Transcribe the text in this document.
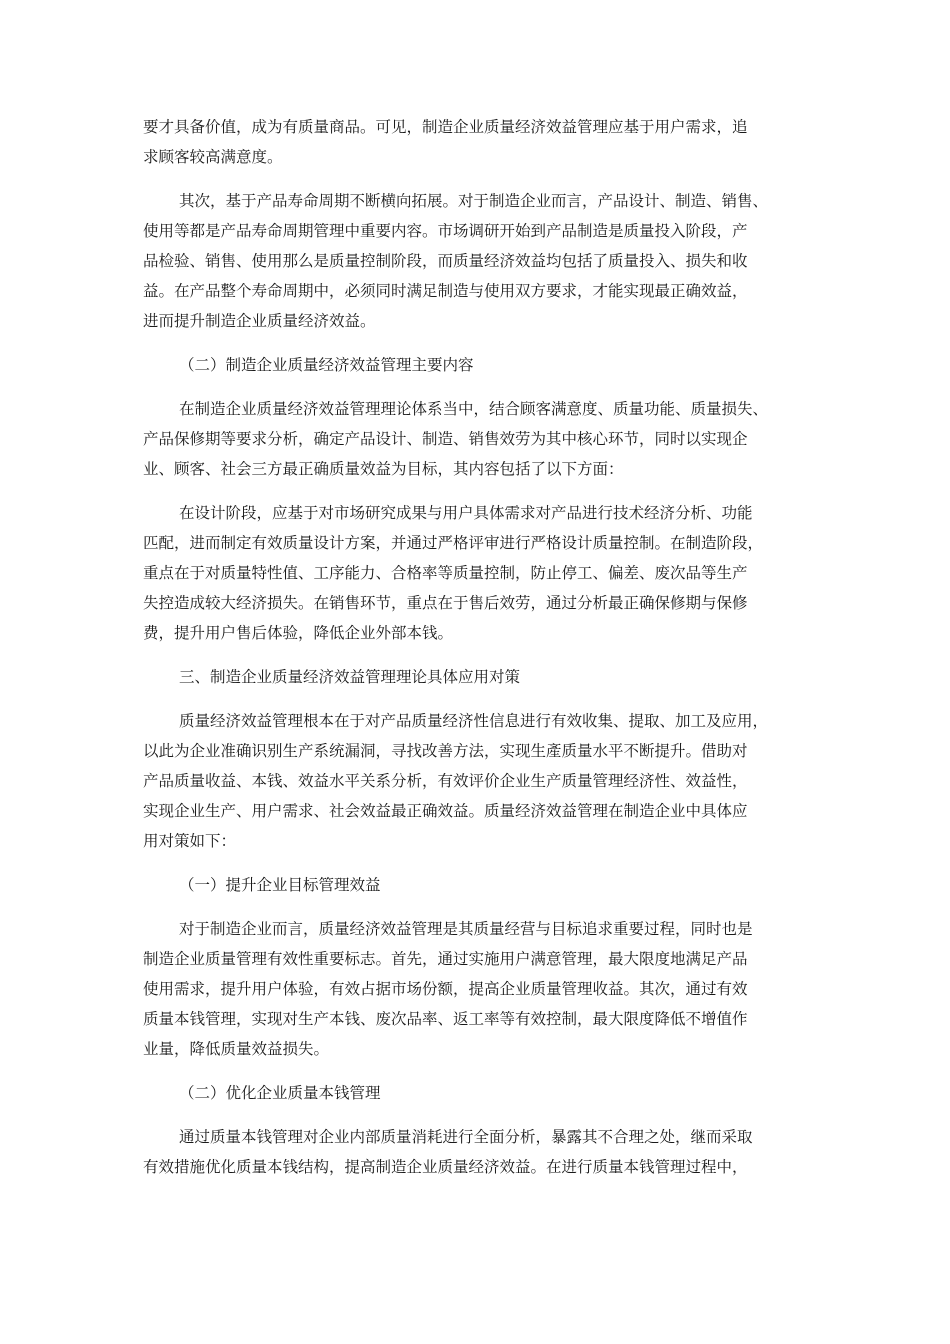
要才具备价值，成为有质量商品。可见，制造企业质量经济效益管理应基于用户需求，追
求顾客较高满意度。

其次，基于产品寿命周期不断横向拓展。对于制造企业而言，产品设计、制造、销售、
使用等都是产品寿命周期管理中重要内容。市场调研开始到产品制造是质量投入阶段，产
品检验、销售、使用那么是质量控制阶段，而质量经济效益均包括了质量投入、损失和收
益。在产品整个寿命周期中，必须同时满足制造与使用双方要求，才能实现最正确效益，
进而提升制造企业质量经济效益。

（二）制造企业质量经济效益管理主要内容

在制造企业质量经济效益管理理论体系当中，结合顾客满意度、质量功能、质量损失、
产品保修期等要求分析，确定产品设计、制造、销售效劳为其中核心环节，同时以实现企
业、顾客、社会三方最正确质量效益为目标，其内容包括了以下方面：

在设计阶段，应基于对市场研究成果与用户具体需求对产品进行技术经济分析、功能
匹配，进而制定有效质量设计方案，并通过严格评审进行严格设计质量控制。在制造阶段，
重点在于对质量特性值、工序能力、合格率等质量控制，防止停工、偏差、废次品等生产
失控造成较大经济损失。在销售环节，重点在于售后效劳，通过分析最正确保修期与保修
费，提升用户售后体验，降低企业外部本钱。

三、制造企业质量经济效益管理理论具体应用对策

质量经济效益管理根本在于对产品质量经济性信息进行有效收集、提取、加工及应用，
以此为企业准确识别生产系统漏洞，寻找改善方法，实现生產质量水平不断提升。借助对
产品质量收益、本钱、效益水平关系分析，有效评价企业生产质量管理经济性、效益性，
实现企业生产、用户需求、社会效益最正确效益。质量经济效益管理在制造企业中具体应
用对策如下：

（一）提升企业目标管理效益

对于制造企业而言，质量经济效益管理是其质量经营与目标追求重要过程，同时也是
制造企业质量管理有效性重要标志。首先，通过实施用户满意管理，最大限度地满足产品
使用需求，提升用户体验，有效占据市场份额，提高企业质量管理收益。其次，通过有效
质量本钱管理，实现对生产本钱、废次品率、返工率等有效控制，最大限度降低不增值作
业量，降低质量效益损失。

（二）优化企业质量本钱管理

通过质量本钱管理对企业内部质量消耗进行全面分析，暴露其不合理之处，继而采取
有效措施优化质量本钱结构，提高制造企业质量经济效益。在进行质量本钱管理过程中，
